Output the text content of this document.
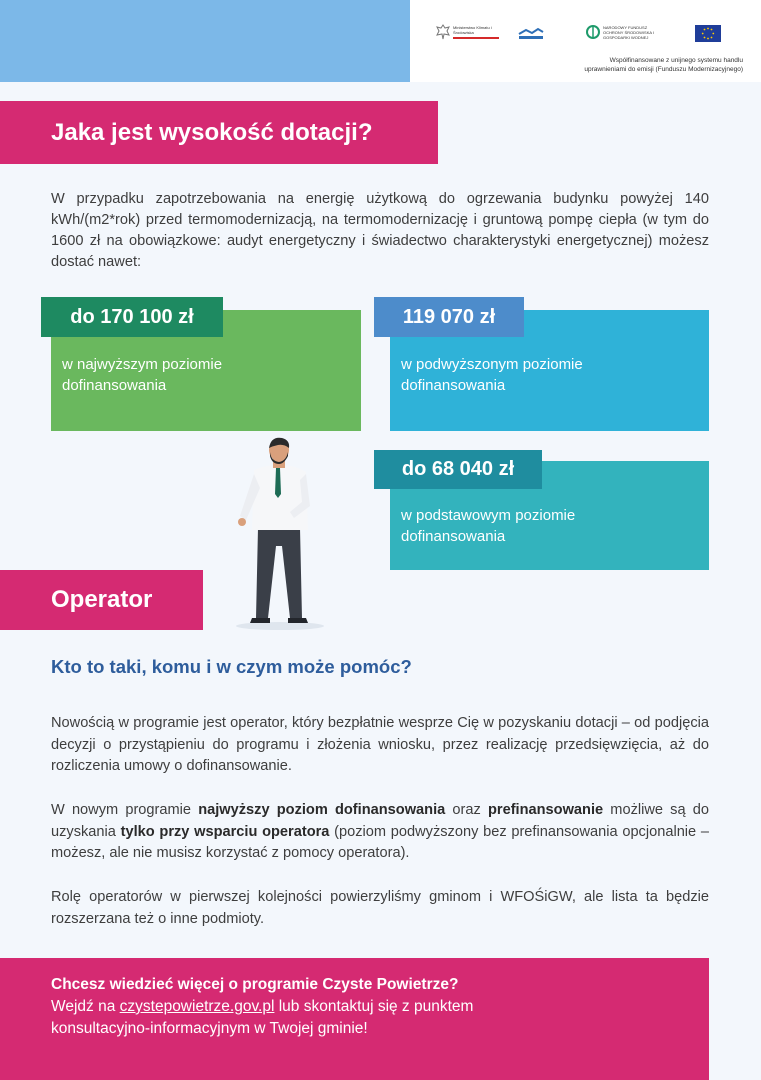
Ministerstwo Klimatu i Środowiska
NARODOWY FUNDUSZ OCHRONY ŚRODOWISKA I GOSPODARKI WODNEJ
Współfinansowane z unijnego systemu handlu
uprawnieniami do emisji (Funduszu Modernizacyjnego)
Jaka jest wysokość dotacji?
W przypadku zapotrzebowania na energię użytkową do ogrzewania budynku powyżej 140 kWh/(m2*rok) przed termomodernizacją, na termomodernizację i gruntową pompę ciepła (w tym do 1600 zł na obowiązkowe: audyt energetyczny i świadectwo charakterystyki energetycznej) możesz dostać nawet:
w najwyższym poziomie
dofinansowania
do 170 100 zł
w podwyższonym poziomie
dofinansowania
119 070 zł
w podstawowym poziomie
dofinansowania
do 68 040 zł
Operator
Kto to taki, komu i w czym może pomóc?
Nowością w programie jest operator, który bezpłatnie wesprze Cię w pozyskaniu dotacji – od podjęcia decyzji o przystąpieniu do programu i złożenia wniosku, przez realizację przedsięwzięcia, aż do rozliczenia umowy o dofinansowanie.
W nowym programie najwyższy poziom dofinansowania oraz prefinansowanie możliwe są do uzyskania tylko przy wsparciu operatora (poziom podwyższony bez prefinansowania opcjonalnie – możesz, ale nie musisz korzystać z pomocy operatora).
Rolę operatorów w pierwszej kolejności powierzyliśmy gminom i WFOŚiGW, ale lista ta będzie rozszerzana też o inne podmioty.
Chcesz wiedzieć więcej o programie Czyste Powietrze?
Wejdź na czystepowietrze.gov.pl lub skontaktuj się z punktem
konsultacyjno-informacyjnym w Twojej gminie!
